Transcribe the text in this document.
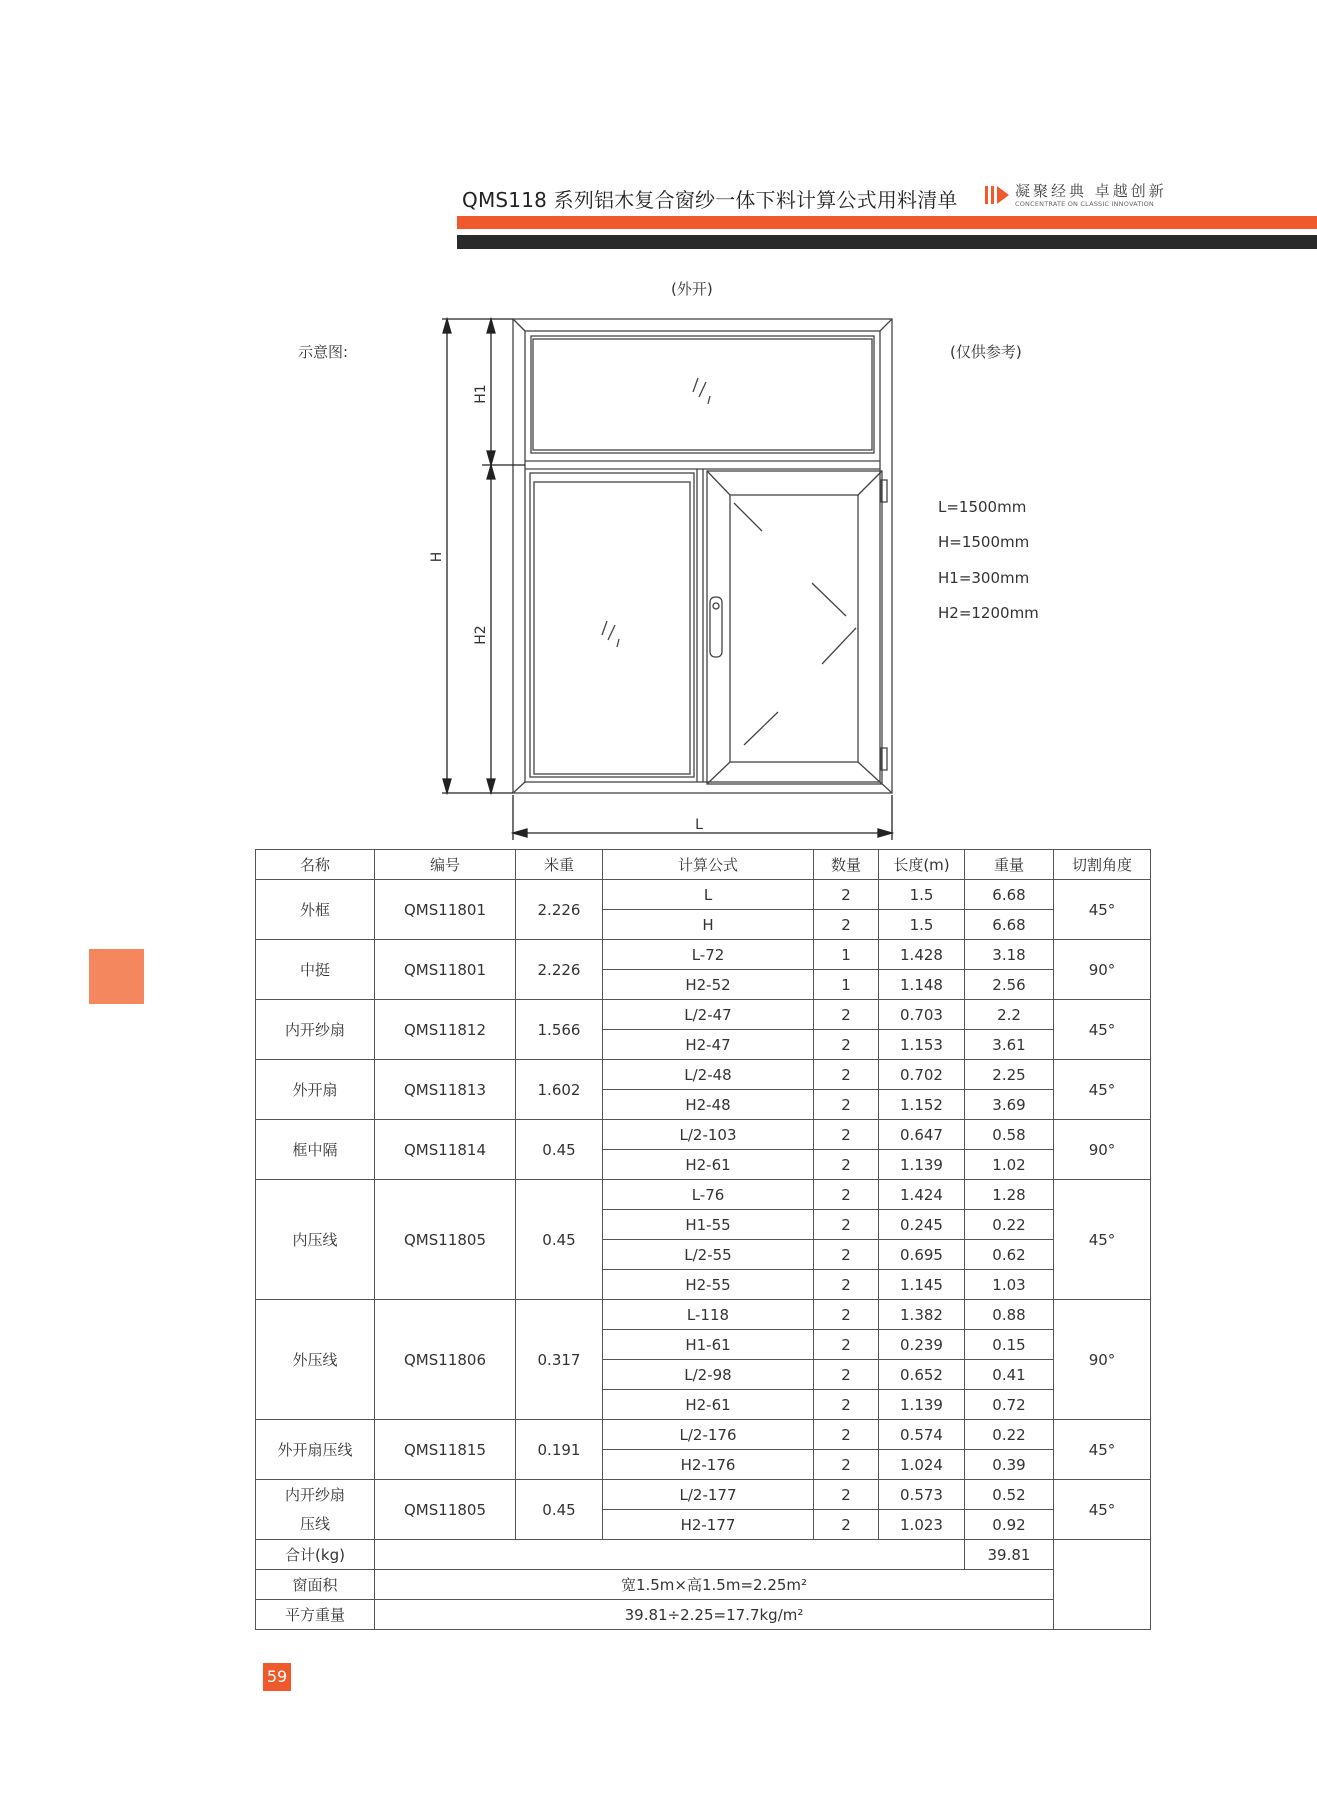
QMS118 系列铝木复合窗纱一体下料计算公式用料清单	凝聚经典 卓越创新
CONCENTRATE ON CLASSIC INNOVATION
(外开)
示意图:	(仅供参考)
L=1500mm
H=1500mm
H1=300mm
H2=1200mm
H
H1
H2
L
名称	编号	米重	计算公式	数量	长度(m)	重量	切割角度
外框	QMS11801	2.226	L	2	1.5	6.68	45°
			H	2	1.5	6.68	
中挺	QMS11801	2.226	L-72	1	1.428	3.18	90°
			H2-52	1	1.148	2.56	
内开纱扇	QMS11812	1.566	L/2-47	2	0.703	2.2	45°
			H2-47	2	1.153	3.61	
外开扇	QMS11813	1.602	L/2-48	2	0.702	2.25	45°
			H2-48	2	1.152	3.69	
框中隔	QMS11814	0.45	L/2-103	2	0.647	0.58	90°
			H2-61	2	1.139	1.02	
内压线	QMS11805	0.45	L-76	2	1.424	1.28	45°
			H1-55	2	0.245	0.22	
			L/2-55	2	0.695	0.62	
			H2-55	2	1.145	1.03	
外压线	QMS11806	0.317	L-118	2	1.382	0.88	90°
			H1-61	2	0.239	0.15	
			L/2-98	2	0.652	0.41	
			H2-61	2	1.139	0.72	
外开扇压线	QMS11815	0.191	L/2-176	2	0.574	0.22	45°
			H2-176	2	1.024	0.39	

内开纱扇
压线	QMS11805	0.45	L/2-177	2	0.573	0.52	45°
			H2-177	2	1.023	0.92	
合计(kg)						39.81	
窗面积	宽1.5m×高1.5m=2.25m²						
平方重量	39.81÷2.25=17.7kg/m²						
59
